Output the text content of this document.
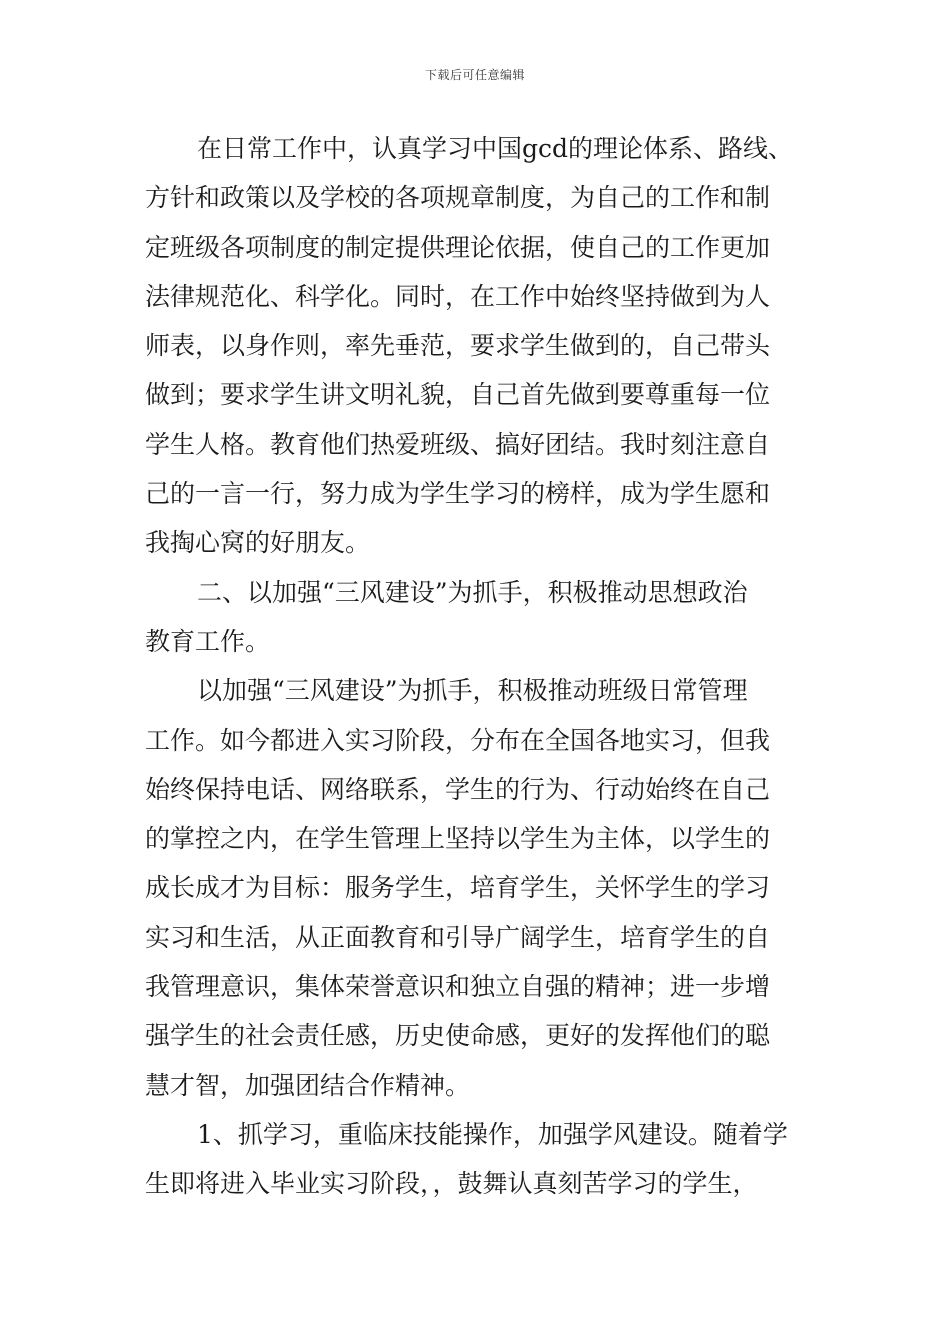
下载后可任意编辑
在日常工作中，认真学习中国gcd的理论体系、路线、
方针和政策以及学校的各项规章制度，为自己的工作和制
定班级各项制度的制定提供理论依据，使自己的工作更加
法律规范化、科学化。同时，在工作中始终坚持做到为人
师表，以身作则，率先垂范，要求学生做到的，自己带头
做到；要求学生讲文明礼貌，自己首先做到要尊重每一位
学生人格。教育他们热爱班级、搞好团结。我时刻注意自
己的一言一行，努力成为学生学习的榜样，成为学生愿和
我掏心窝的好朋友。
二、以加强“三风建设”为抓手，积极推动思想政治
教育工作。
以加强“三风建设”为抓手，积极推动班级日常管理
工作。如今都进入实习阶段，分布在全国各地实习，但我
始终保持电话、网络联系，学生的行为、行动始终在自己
的掌控之内，在学生管理上坚持以学生为主体，以学生的
成长成才为目标：服务学生，培育学生，关怀学生的学习
实习和生活，从正面教育和引导广阔学生，培育学生的自
我管理意识，集体荣誉意识和独立自强的精神；进一步增
强学生的社会责任感，历史使命感，更好的发挥他们的聪
慧才智，加强团结合作精神。
1、抓学习，重临床技能操作，加强学风建设。随着学
生即将进入毕业实习阶段，，鼓舞认真刻苦学习的学生，
